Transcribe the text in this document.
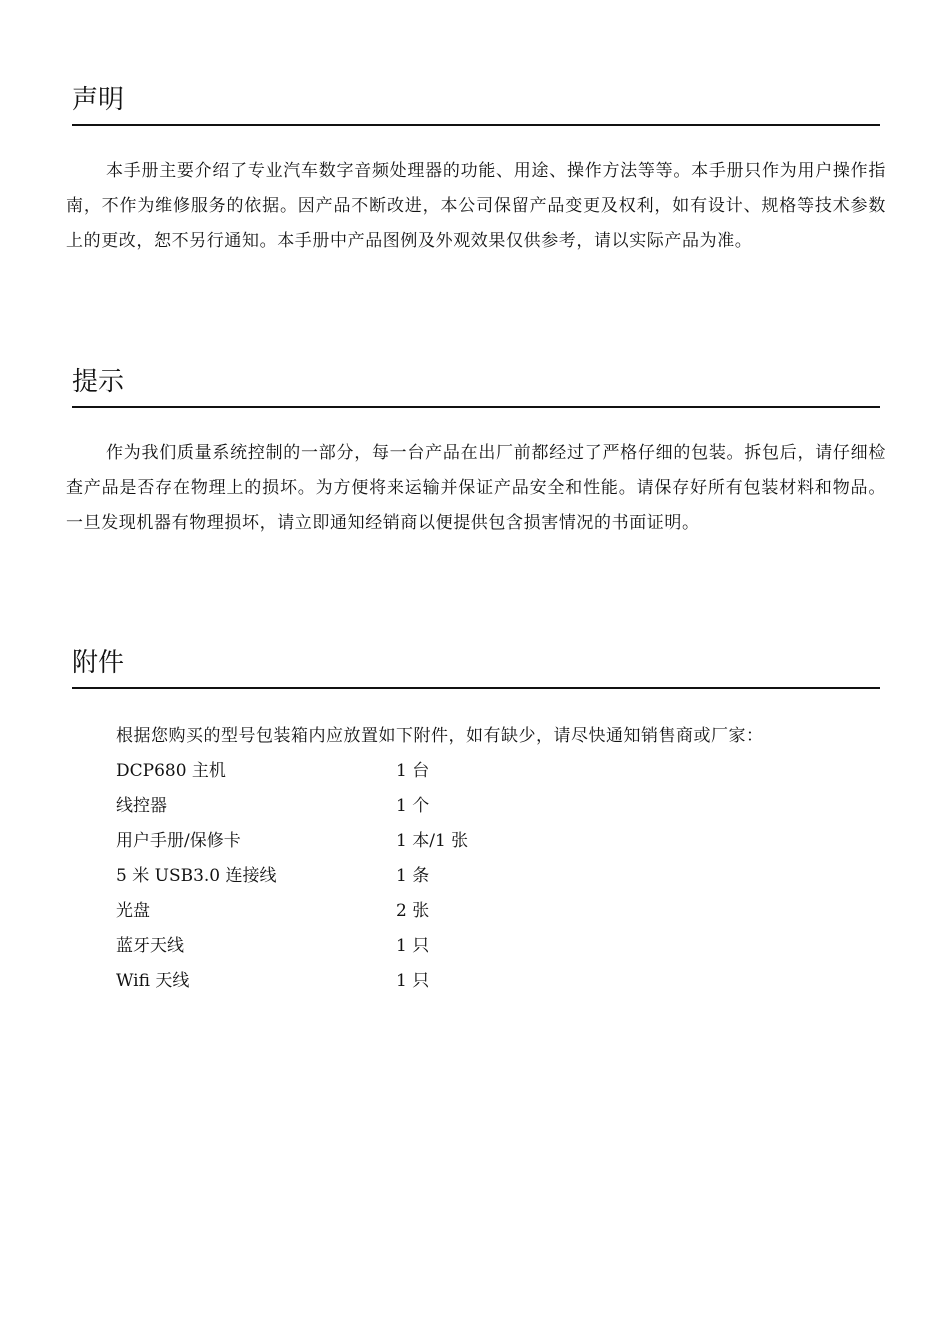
声明

本手册主要介绍了专业汽车数字音频处理器的功能、用途、操作方法等等。本手册只作为用户操作指南，不作为维修服务的依据。因产品不断改进，本公司保留产品变更及权利，如有设计、规格等技术参数上的更改，恕不另行通知。本手册中产品图例及外观效果仅供参考，请以实际产品为准。

提示

作为我们质量系统控制的一部分，每一台产品在出厂前都经过了严格仔细的包装。拆包后，请仔细检查产品是否存在物理上的损坏。为方便将来运输并保证产品安全和性能。请保存好所有包装材料和物品。一旦发现机器有物理损坏，请立即通知经销商以便提供包含损害情况的书面证明。

附件

根据您购买的型号包装箱内应放置如下附件，如有缺少，请尽快通知销售商或厂家：

DCP680 主机	1 台
线控器	1 个
用户手册/保修卡	1 本/1 张
5 米 USB3.0 连接线	1 条
光盘	2 张
蓝牙天线	1 只
Wifi 天线	1 只
